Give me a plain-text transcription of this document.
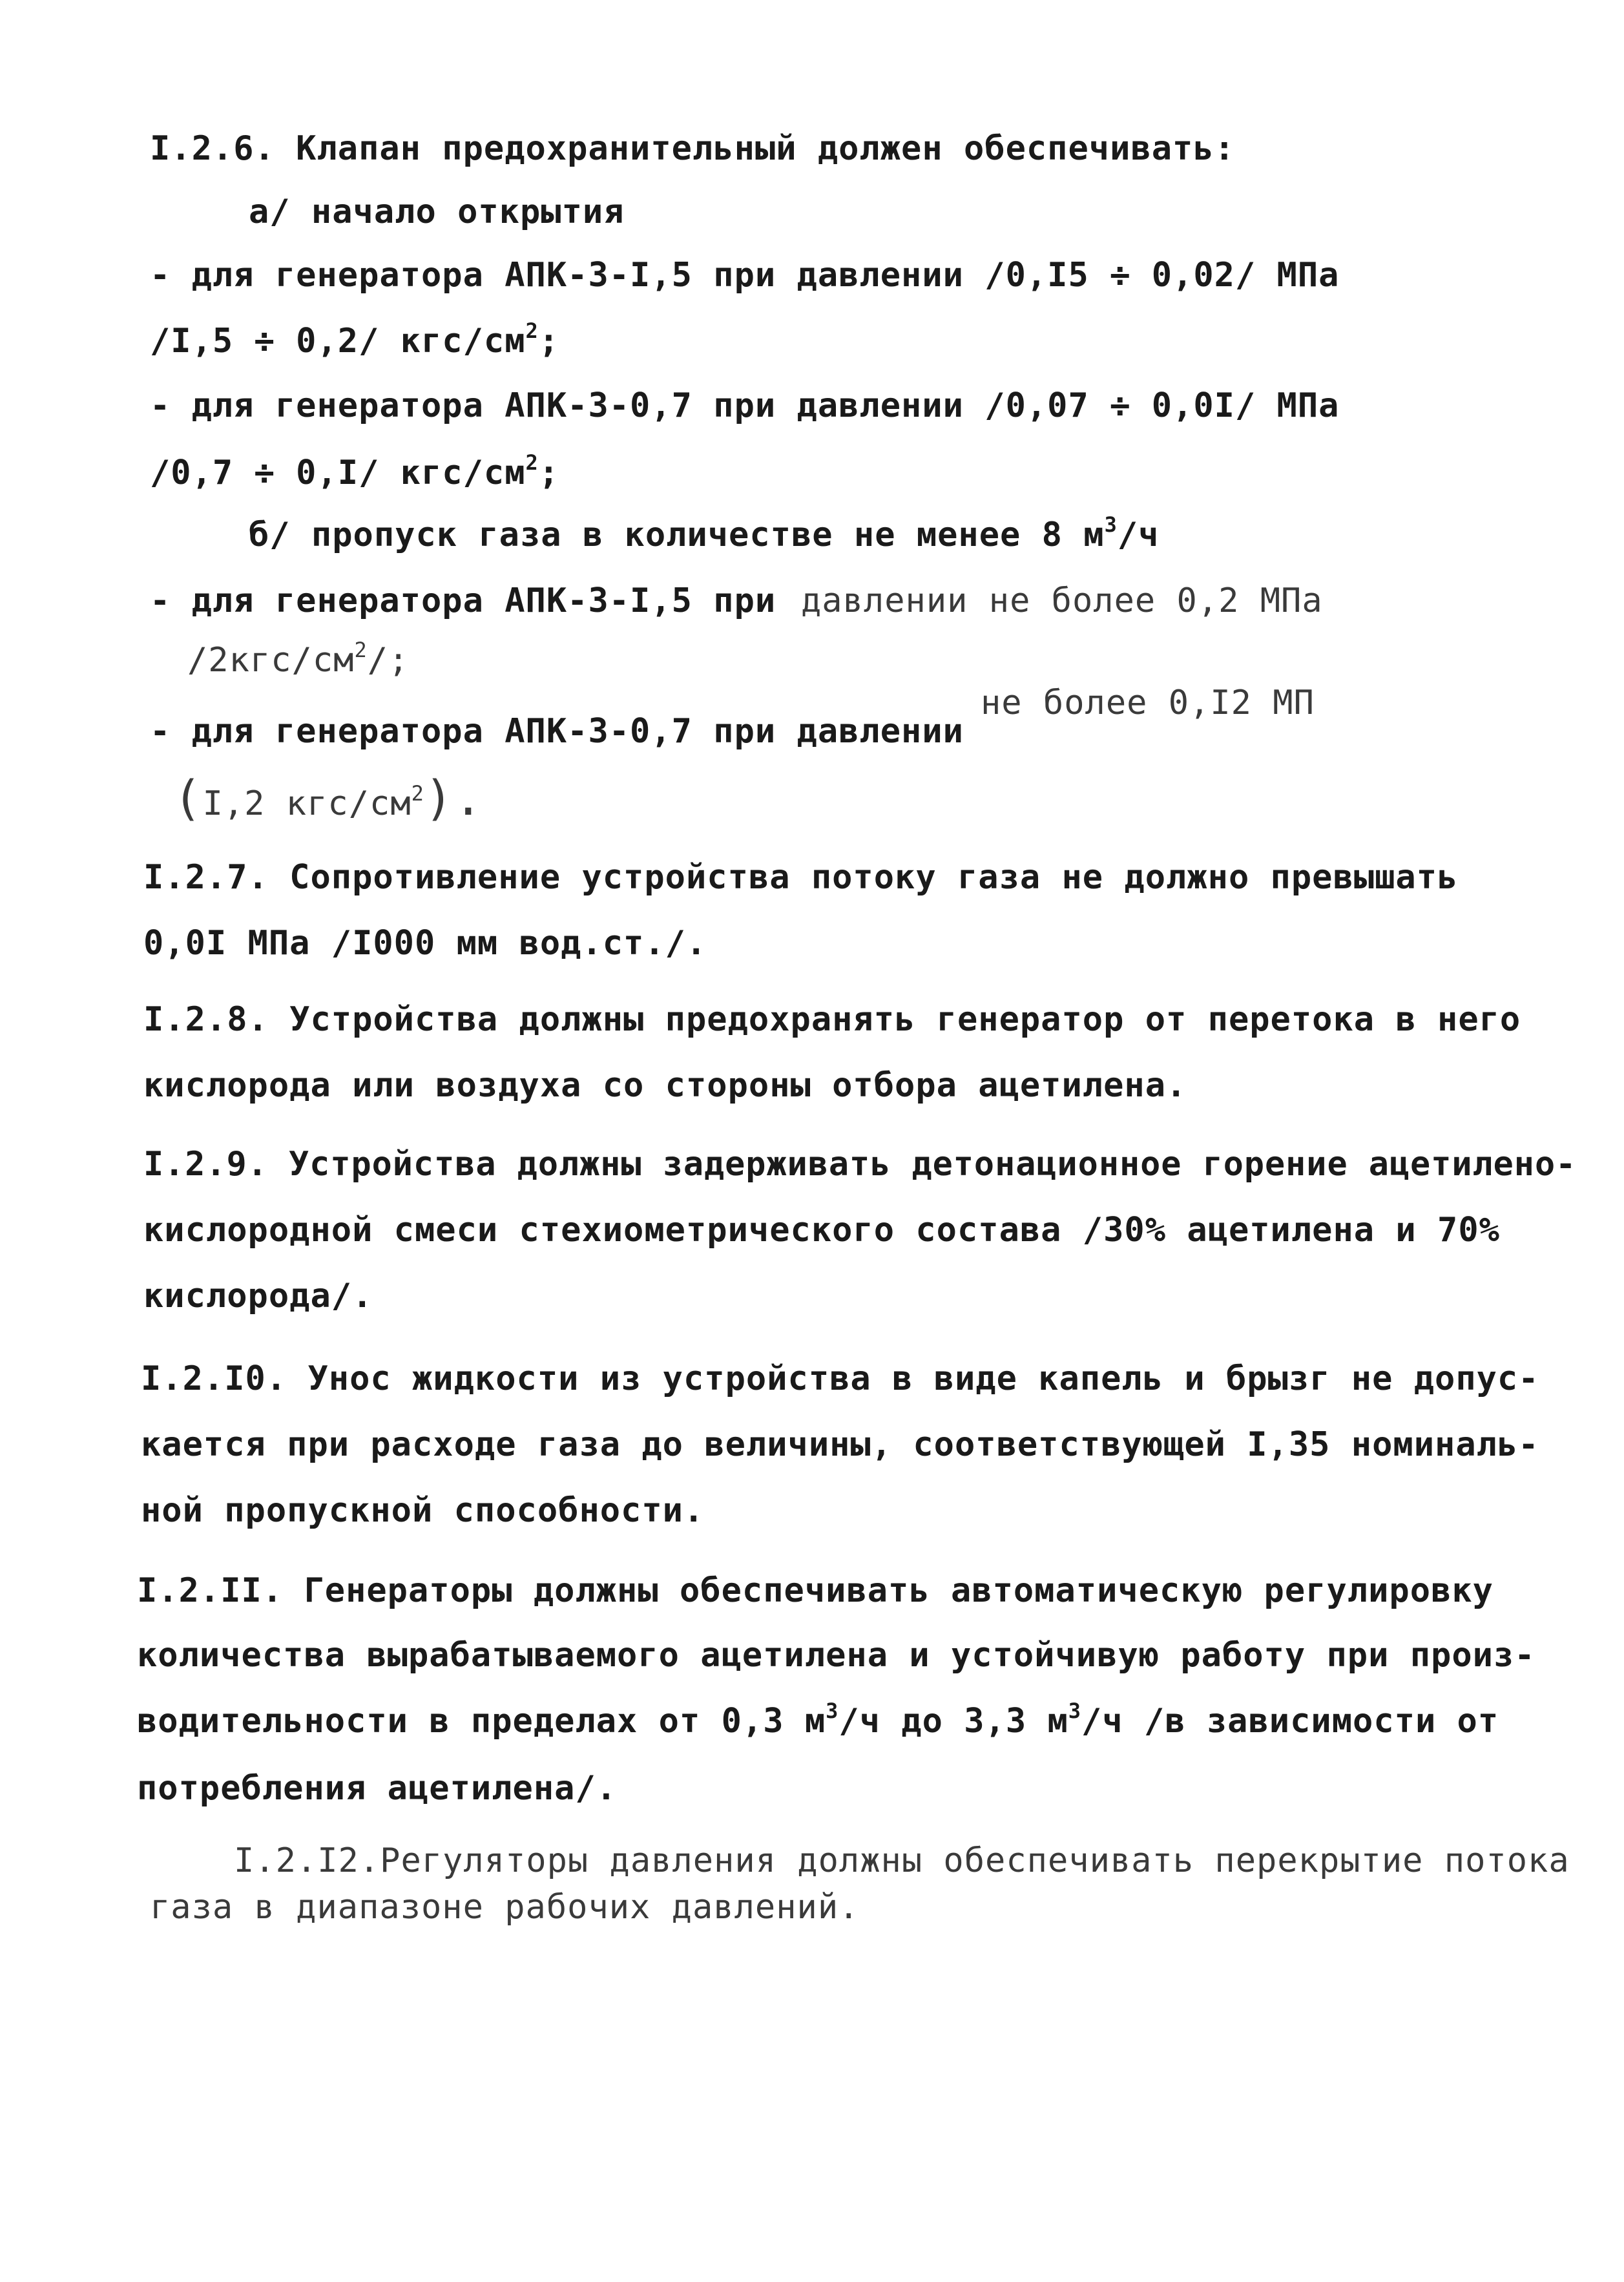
I.2.6. Клапан предохранительный должен обеспечивать:
а/ начало открытия
- для генератора АПК-3-I,5 при давлении /0,I5 ÷ 0,02/ МПа
/I,5 ÷ 0,2/ кгс/$см^2$;
- для генератора АПК-3-0,7 при давлении /0,07 ÷ 0,0I/ МПа
/0,7 ÷ 0,I/ кгс/$см^2$;
б/ пропуск газа в количестве не менее 8 $м^3/ч$
- для генератора АПК-3-I,5 при давлении не более 0,2 МПа
$/2кгс/см^2/$;
не более 0,I2 МП
- для генератора АПК-3-0,7 при давлении
(I,2 кгс/$см^2$).
I.2.7. Сопротивление устройства потоку газа не должно превышать
0,0I МПа /I000 мм вод.ст./.
I.2.8. Устройства должны предохранять генератор от перетока в него
кислорода или воздуха со стороны отбора ацетилена.
I.2.9. Устройства должны задерживать детонационное горение ацетилено-
кислородной смеси стехиометрического состава /30% ацетилена и 70%
кислорода/.
I.2.I0. Унос жидкости из устройства в виде капель и брызг не допус-
кается при расходе газа до величины, соответствующей I,35 номиналь-
ной пропускной способности.
I.2.II. Генераторы должны обеспечивать автоматическую регулировку
количества вырабатываемого ацетилена и устойчивую работу при произ-
водительности в пределах от 0,3 $м^3/ч$ до 3,3 $м^3/ч$ /в зависимости от
потребления ацетилена/.
I.2.I2.Регуляторы давления должны обеспечивать перекрытие потока
газа в диапазоне рабочих давлений.
